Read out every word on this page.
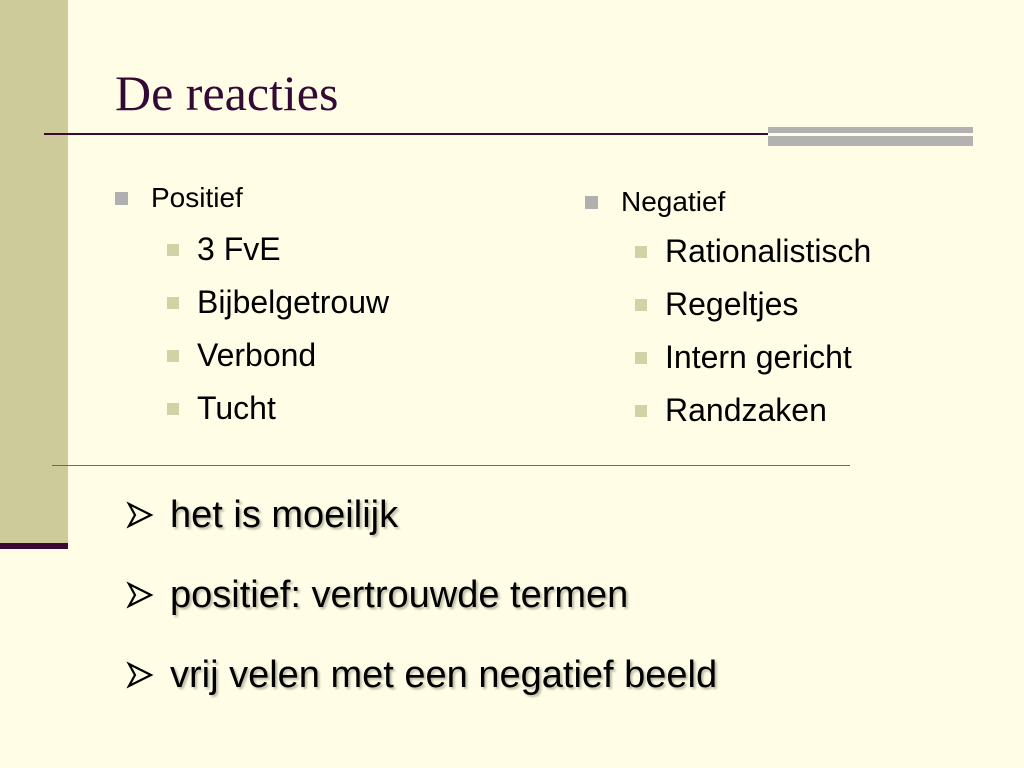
De reacties
Positief
3 FvE
Bijbelgetrouw
Verbond
Tucht
Negatief
Rationalistisch
Regeltjes
Intern gericht
Randzaken
het is moeilijk
positief: vertrouwde termen
vrij velen met een negatief beeld
